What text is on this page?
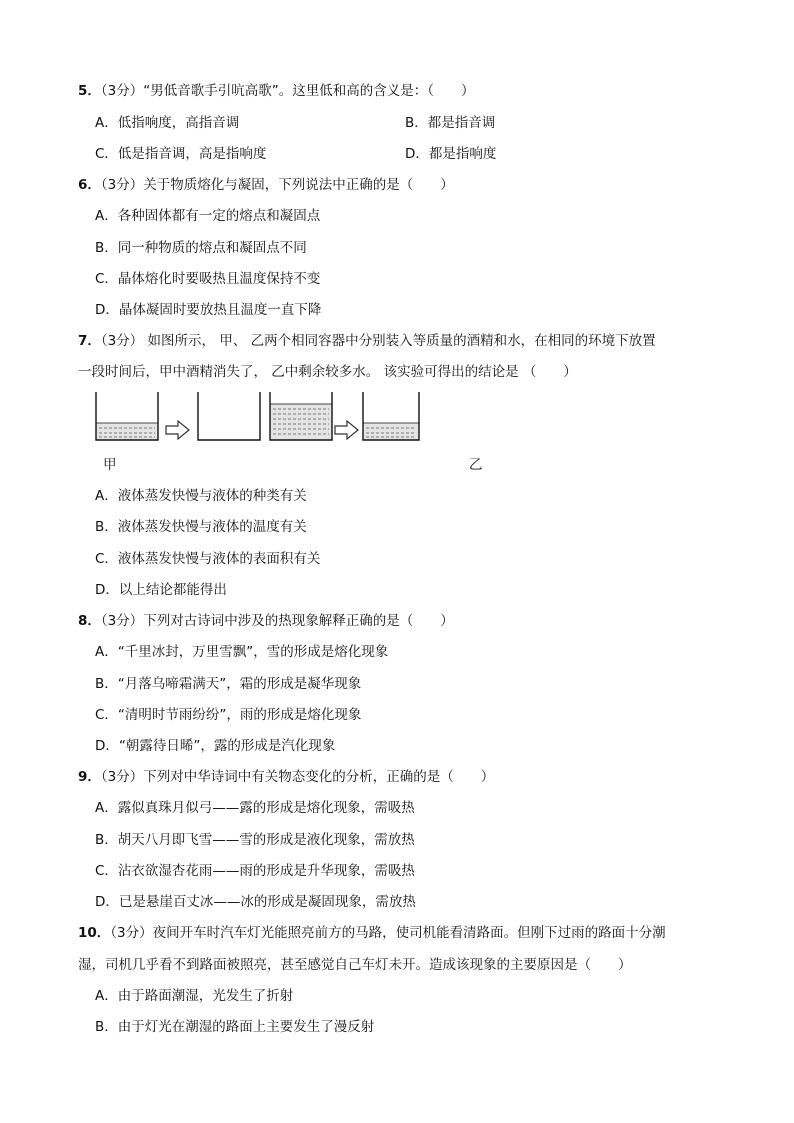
5．（3分）“男低音歌手引吭高歌”。这里低和高的含义是：（　　）
A．低指响度，高指音调	B．都是指音调
C．低是指音调，高是指响度	D．都是指响度
6．（3分）关于物质熔化与凝固，下列说法中正确的是（　　）
A．各种固体都有一定的熔点和凝固点
B．同一种物质的熔点和凝固点不同
C．晶体熔化时要吸热且温度保持不变
D．晶体凝固时要放热且温度一直下降
7．（3分） 如图所示， 甲、 乙两个相同容器中分别装入等质量的酒精和水，在相同的环境下放置
一段时间后，甲中酒精消失了， 乙中剩余较多水。 该实验可得出的结论是 （　　）
甲	乙
A．液体蒸发快慢与液体的种类有关
B．液体蒸发快慢与液体的温度有关
C．液体蒸发快慢与液体的表面积有关
D．以上结论都能得出
8．（3分）下列对古诗词中涉及的热现象解释正确的是（　　）
A．“千里冰封，万里雪飘”，雪的形成是熔化现象
B．“月落乌啼霜满天”，霜的形成是凝华现象
C．“清明时节雨纷纷”，雨的形成是熔化现象
D．“朝露待日晞”，露的形成是汽化现象
9．（3分）下列对中华诗词中有关物态变化的分析，正确的是（　　）
A．露似真珠月似弓——露的形成是熔化现象，需吸热
B．胡天八月即飞雪——雪的形成是液化现象，需放热
C．沾衣欲湿杏花雨——雨的形成是升华现象，需吸热
D．已是悬崖百丈冰——冰的形成是凝固现象，需放热
10．（3分）夜间开车时汽车灯光能照亮前方的马路，使司机能看清路面。但刚下过雨的路面十分潮
湿，司机几乎看不到路面被照亮，甚至感觉自己车灯未开。造成该现象的主要原因是（　　）
A．由于路面潮湿，光发生了折射
B．由于灯光在潮湿的路面上主要发生了漫反射
